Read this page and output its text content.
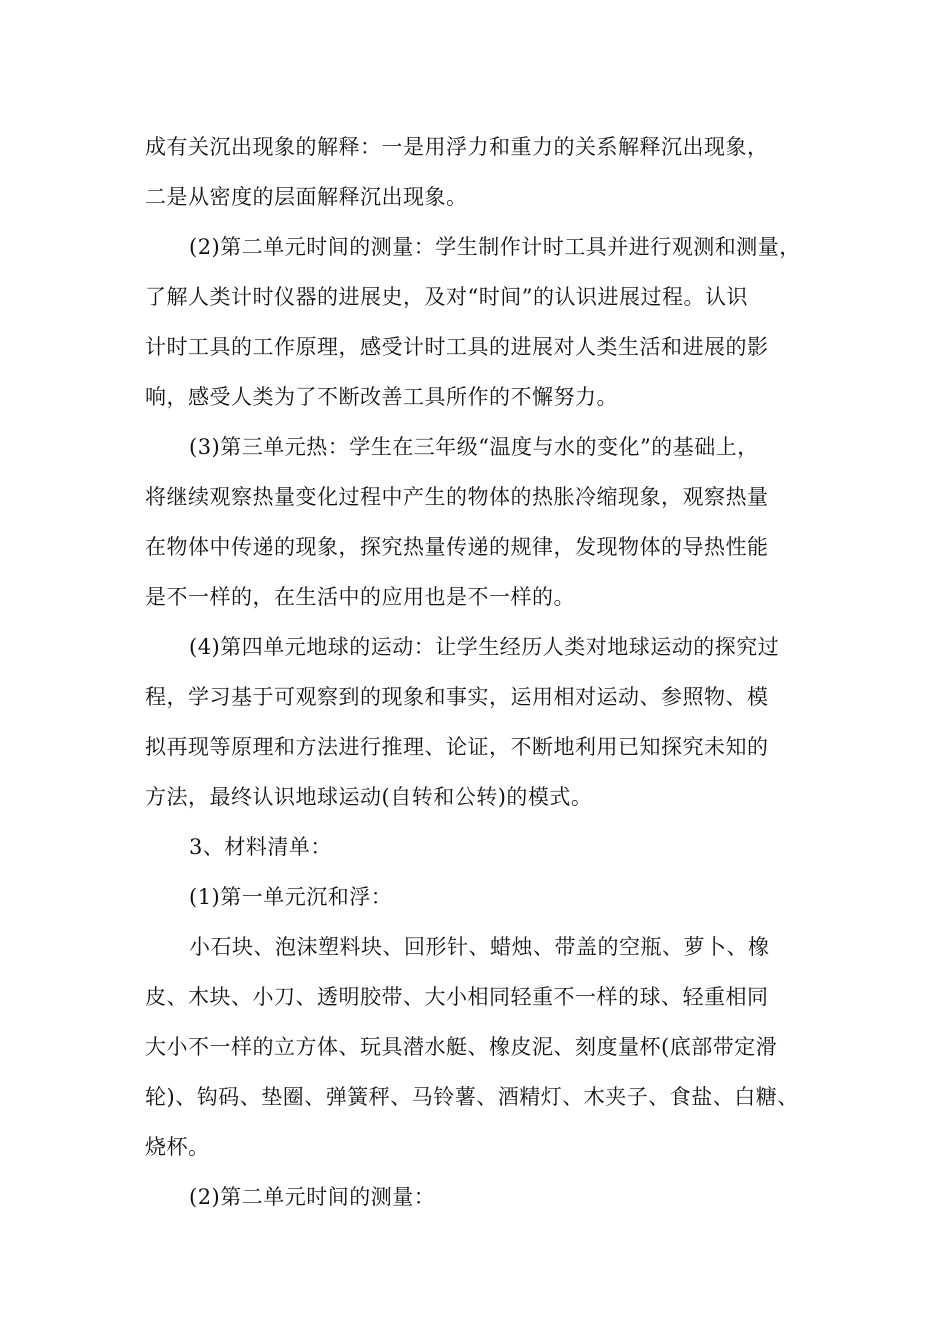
成有关沉出现象的解释：一是用浮力和重力的关系解释沉出现象，
二是从密度的层面解释沉出现象。
(2)第二单元时间的测量：学生制作计时工具并进行观测和测量，
了解人类计时仪器的进展史，及对“时间”的认识进展过程。认识
计时工具的工作原理，感受计时工具的进展对人类生活和进展的影
响，感受人类为了不断改善工具所作的不懈努力。
(3)第三单元热：学生在三年级“温度与水的变化”的基础上，
将继续观察热量变化过程中产生的物体的热胀冷缩现象，观察热量
在物体中传递的现象，探究热量传递的规律，发现物体的导热性能
是不一样的，在生活中的应用也是不一样的。
(4)第四单元地球的运动：让学生经历人类对地球运动的探究过
程，学习基于可观察到的现象和事实，运用相对运动、参照物、模
拟再现等原理和方法进行推理、论证，不断地利用已知探究未知的
方法，最终认识地球运动(自转和公转)的模式。
3、材料清单：
(1)第一单元沉和浮：
小石块、泡沫塑料块、回形针、蜡烛、带盖的空瓶、萝卜、橡
皮、木块、小刀、透明胶带、大小相同轻重不一样的球、轻重相同
大小不一样的立方体、玩具潜水艇、橡皮泥、刻度量杯(底部带定滑
轮)、钩码、垫圈、弹簧秤、马铃薯、酒精灯、木夹子、食盐、白糖、
烧杯。
(2)第二单元时间的测量：
